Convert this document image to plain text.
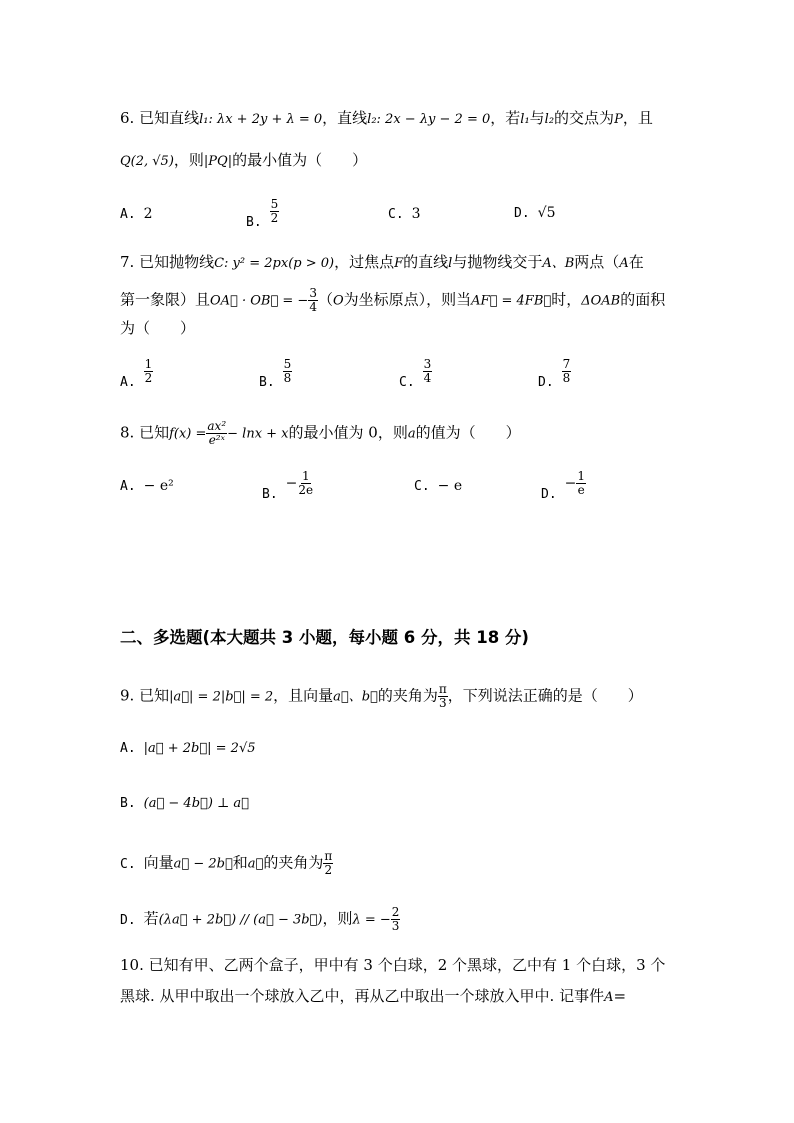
6. 已知直线l₁: λx + 2y + λ = 0，直线l₂: 2x − λy − 2 = 0，若l₁与l₂的交点为P，且
Q(2, √5)，则|PQ|的最小值为（　　）
A. 2	B. $\frac{5}{2}$	C. 3	D. √5
7. 已知抛物线C: y² = 2px(p > 0)，过焦点F的直线l与抛物线交于A、B两点（A在
第一象限）且OA⃗ · OB⃗ = − $\frac{3}{4} (O$为坐标原点），则当AF⃗ = 4FB⃗时，ΔOAB的面积
为（　　）
A. $\frac{1}{2}$	B. $\frac{5}{8}$	C. $\frac{3}{4}$	D. $\frac{7}{8}$
8. 已知$f(x) = \frac{\text{ax²}}{\text{e²ˣ}} - \ln x + x$的最小值为 0，则a的值为（　　）
A. − e²	$B.- \frac{1}{2e}$	C. − e	$D.- \frac{1}{e}$
二、多选题(本大题共 3 小题，每小题 6 分，共 18 分)
9. 已知|a⃗| = 2|b⃗| = 2，且向量a⃗、b⃗的夹角为 $\frac{\pi}{3}$ ，下列说法正确的是（　　）
A. |a⃗ + 2b⃗| = 2√5
B. (a⃗ − 4b⃗) ⊥ a⃗
C. 向量a⃗ − 2b⃗和a⃗的夹角为 $\frac{\pi}{2}$
D. 若(λa⃗ + 2b⃗) // (a⃗ − 3b⃗)，则λ = − $\frac{2}{3}$
10. 已知有甲、乙两个盒子，甲中有 3 个白球，2 个黑球，乙中有 1 个白球，3 个
黑球. 从甲中取出一个球放入乙中，再从乙中取出一个球放入甲中. 记事件A=
